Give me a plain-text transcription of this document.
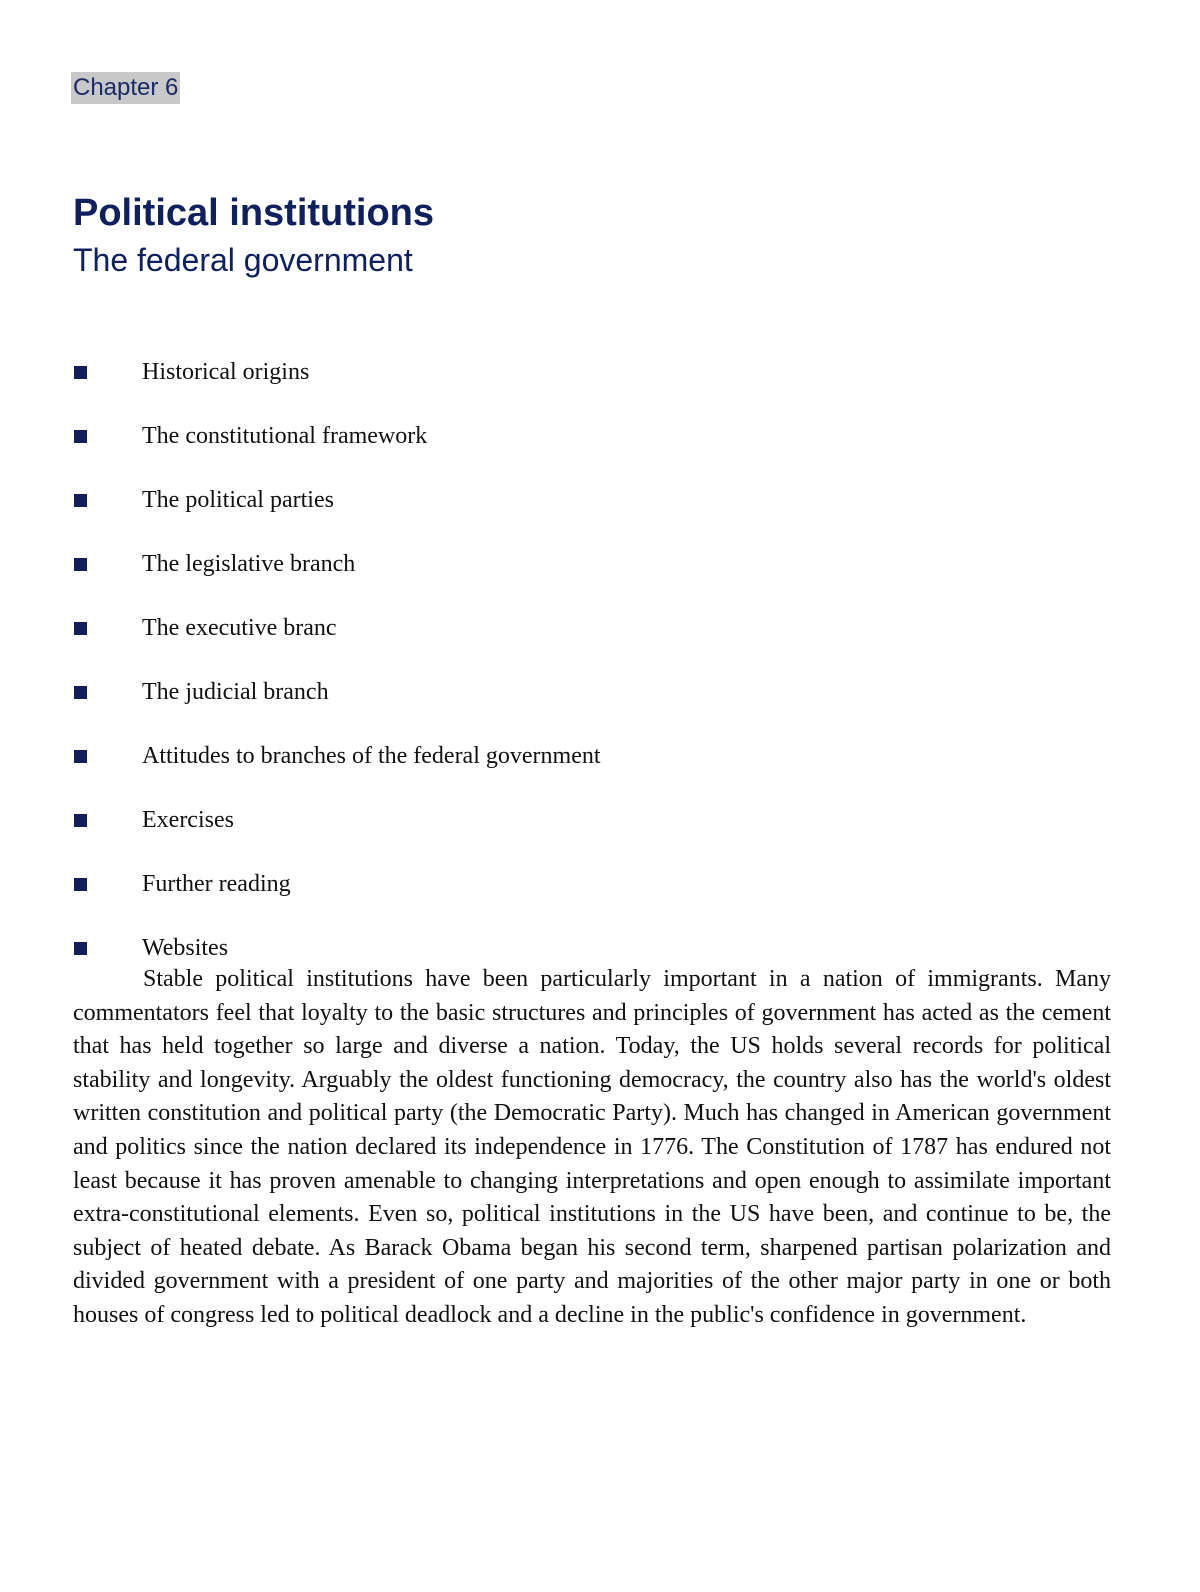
Chapter 6
Political institutions
The federal government
Historical origins
The constitutional framework
The political parties
The legislative branch
The executive branc
The judicial branch
Attitudes to branches of the federal government
Exercises
Further reading
Websites

Stable political institutions have been particularly important in a nation of immigrants. Many commentators feel that loyalty to the basic structures and principles of government has acted as the cement that has held together so large and diverse a nation. Today, the US holds several records for political stability and longevity. Arguably the oldest functioning democracy, the country also has the world's oldest written constitution and political party (the Democratic Party). Much has changed in American government and politics since the nation declared its independence in 1776. The Constitution of 1787 has endured not least because it has proven amenable to changing interpretations and open enough to assimilate important extra-constitutional elements. Even so, political institutions in the US have been, and continue to be, the subject of heated debate. As Barack Obama began his second term, sharpened partisan polarization and divided government with a president of one party and majorities of the other major party in one or both houses of congress led to political deadlock and a decline in the public's confidence in government.
